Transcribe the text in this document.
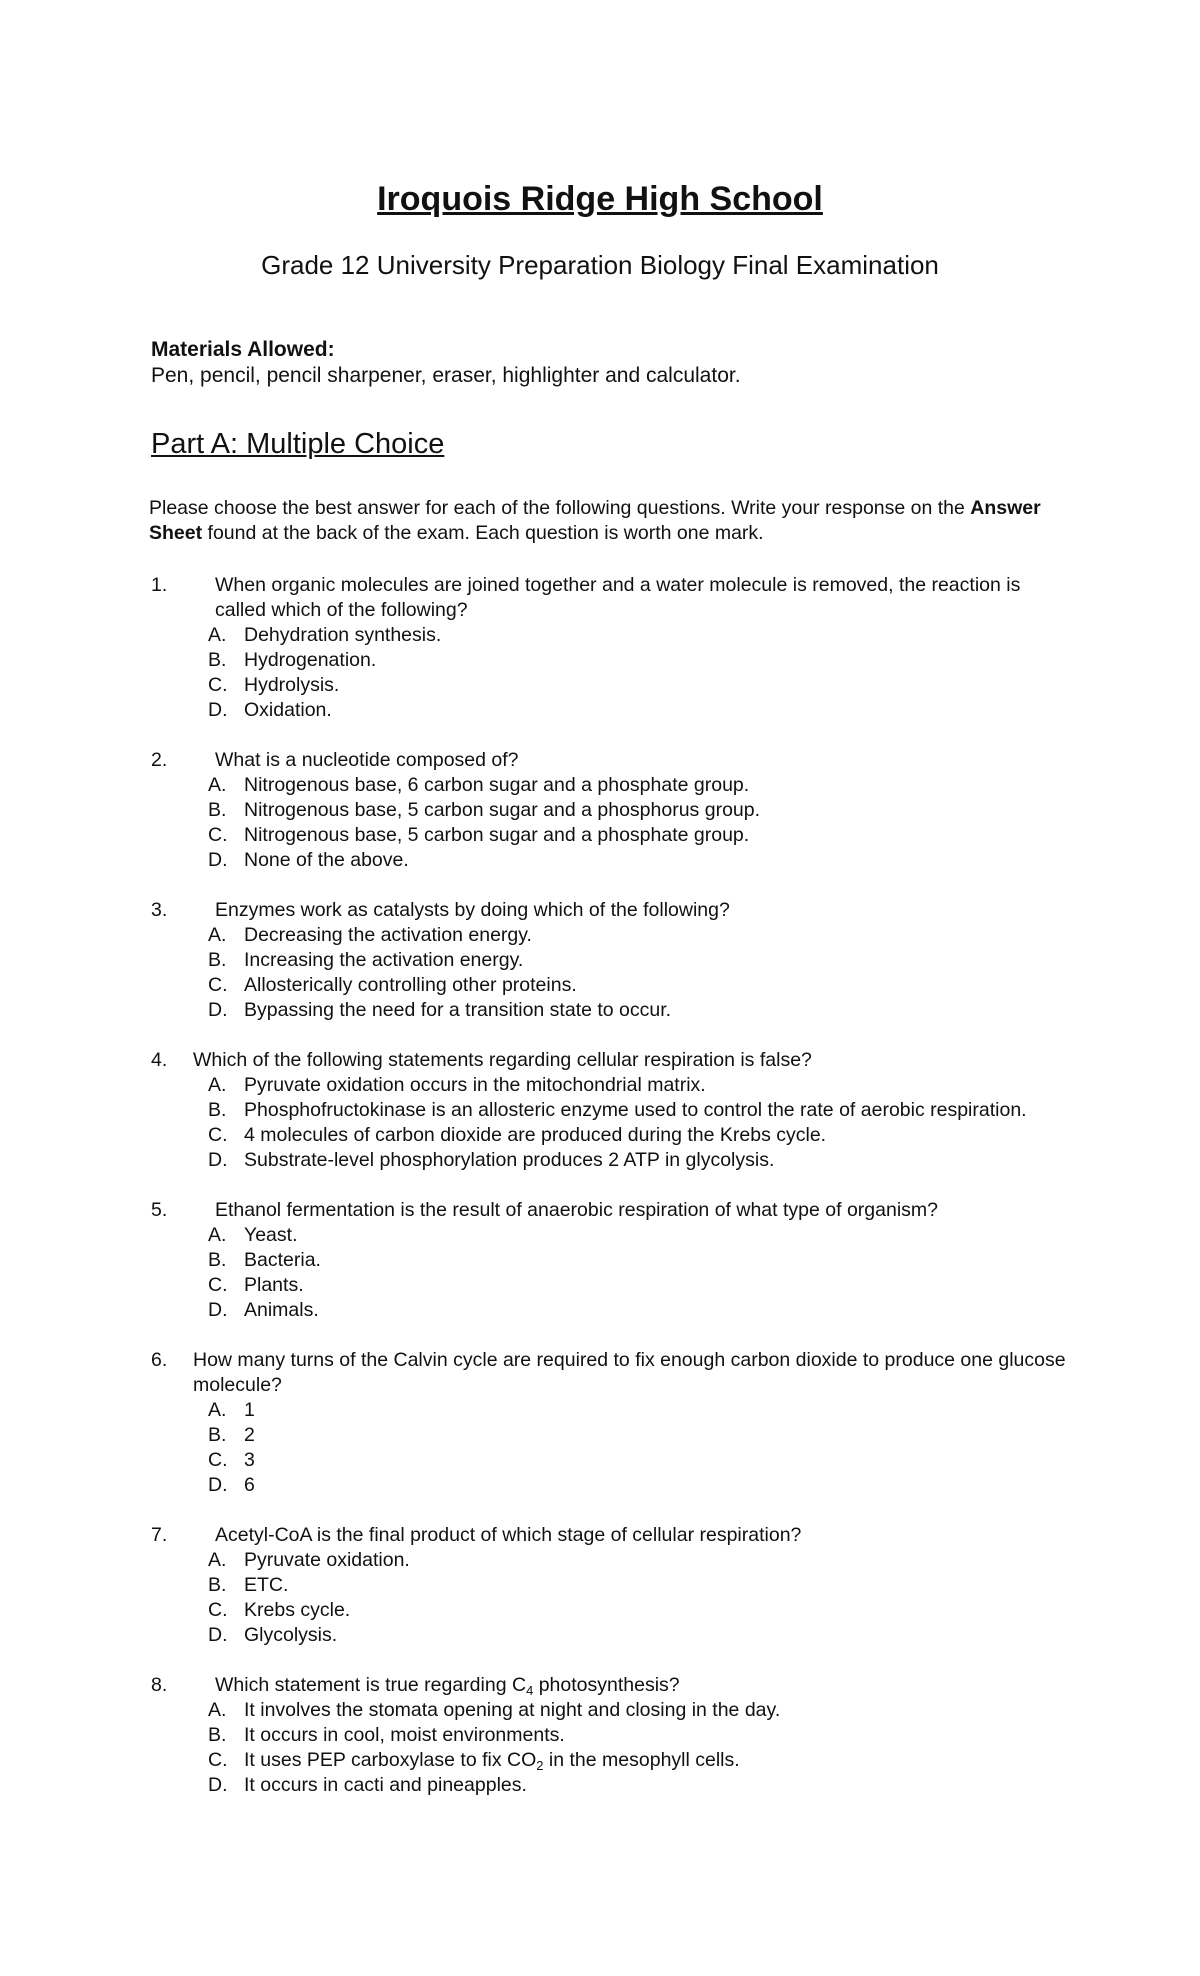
Iroquois Ridge High School
Grade 12 University Preparation Biology Final Examination
Materials Allowed:
Pen, pencil, pencil sharpener, eraser, highlighter and calculator.
Part A: Multiple Choice
Please choose the best answer for each of the following questions. Write your response on the Answer Sheet found at the back of the exam. Each question is worth one mark.
1.	When organic molecules are joined together and a water molecule is removed, the reaction is called which of the following?
A. Dehydration synthesis.
B. Hydrogenation.
C. Hydrolysis.
D. Oxidation.
2.	What is a nucleotide composed of?
A. Nitrogenous base, 6 carbon sugar and a phosphate group.
B. Nitrogenous base, 5 carbon sugar and a phosphorus group.
C. Nitrogenous base, 5 carbon sugar and a phosphate group.
D. None of the above.
3.	Enzymes work as catalysts by doing which of the following?
A. Decreasing the activation energy.
B. Increasing the activation energy.
C. Allosterically controlling other proteins.
D. Bypassing the need for a transition state to occur.
4.	Which of the following statements regarding cellular respiration is false?
A. Pyruvate oxidation occurs in the mitochondrial matrix.
B. Phosphofructokinase is an allosteric enzyme used to control the rate of aerobic respiration.
C. 4 molecules of carbon dioxide are produced during the Krebs cycle.
D. Substrate-level phosphorylation produces 2 ATP in glycolysis.
5.	Ethanol fermentation is the result of anaerobic respiration of what type of organism?
A. Yeast.
B. Bacteria.
C. Plants.
D. Animals.
6.	How many turns of the Calvin cycle are required to fix enough carbon dioxide to produce one glucose molecule?
A. 1
B. 2
C. 3
D. 6
7.	Acetyl-CoA is the final product of which stage of cellular respiration?
A. Pyruvate oxidation.
B. ETC.
C. Krebs cycle.
D. Glycolysis.
8.	Which statement is true regarding $C_4$ photosynthesis?
A. It involves the stomata opening at night and closing in the day.
B. It occurs in cool, moist environments.
C. It uses PEP carboxylase to fix $CO_2$ in the mesophyll cells.
D. It occurs in cacti and pineapples.
